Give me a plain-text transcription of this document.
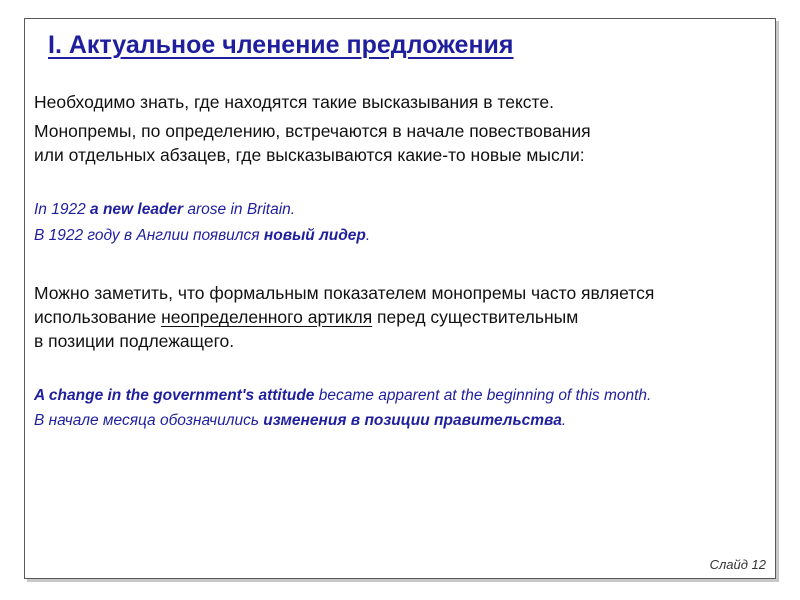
I. Актуальное членение предложения
Необходимо знать, где находятся такие высказывания в тексте.
Монопремы, по определению, встречаются в начале повествования
или отдельных абзацев, где высказываются какие-то новые мысли:
In 1922 a new leader arose in Britain.
В 1922 году в Англии появился новый лидер.
Можно заметить, что формальным показателем монопремы часто является
использование неопределенного артикля перед существительным
в позиции подлежащего.
A change in the government's attitude became apparent at the beginning of this month.
В начале месяца обозначились изменения в позиции правительства.
Слайд 12
